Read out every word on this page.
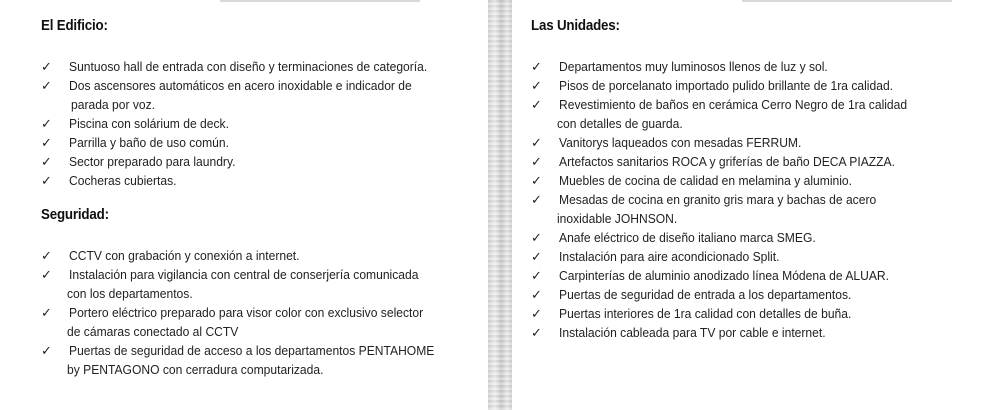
El Edificio:
✓ Suntuoso hall de entrada con diseño y terminaciones de categoría.
✓ Dos ascensores automáticos en acero inoxidable e indicador de
parada por voz.
✓ Piscina con solárium de deck.
✓ Parrilla y baño de uso común.
✓ Sector preparado para laundry.
✓ Cocheras cubiertas.
Seguridad:
✓ CCTV con grabación y conexión a internet.
✓ Instalación para vigilancia con central de conserjería comunicada
con los departamentos.
✓ Portero eléctrico preparado para visor color con exclusivo selector
de cámaras conectado al CCTV
✓ Puertas de seguridad de acceso a los departamentos PENTAHOME
by PENTAGONO con cerradura computarizada.
Las Unidades:
✓ Departamentos muy luminosos llenos de luz y sol.
✓ Pisos de porcelanato importado pulido brillante de 1ra calidad.
✓ Revestimiento de baños en cerámica Cerro Negro de 1ra calidad
con detalles de guarda.
✓ Vanitorys laqueados con mesadas FERRUM.
✓ Artefactos sanitarios ROCA y griferías de baño DECA PIAZZA.
✓ Muebles de cocina de calidad en melamina y aluminio.
✓ Mesadas de cocina en granito gris mara y bachas de acero
inoxidable JOHNSON.
✓ Anafe eléctrico de diseño italiano marca SMEG.
✓ Instalación para aire acondicionado Split.
✓ Carpinterías de aluminio anodizado línea Módena de ALUAR.
✓ Puertas de seguridad de entrada a los departamentos.
✓ Puertas interiores de 1ra calidad con detalles de buña.
✓ Instalación cableada para TV por cable e internet.
